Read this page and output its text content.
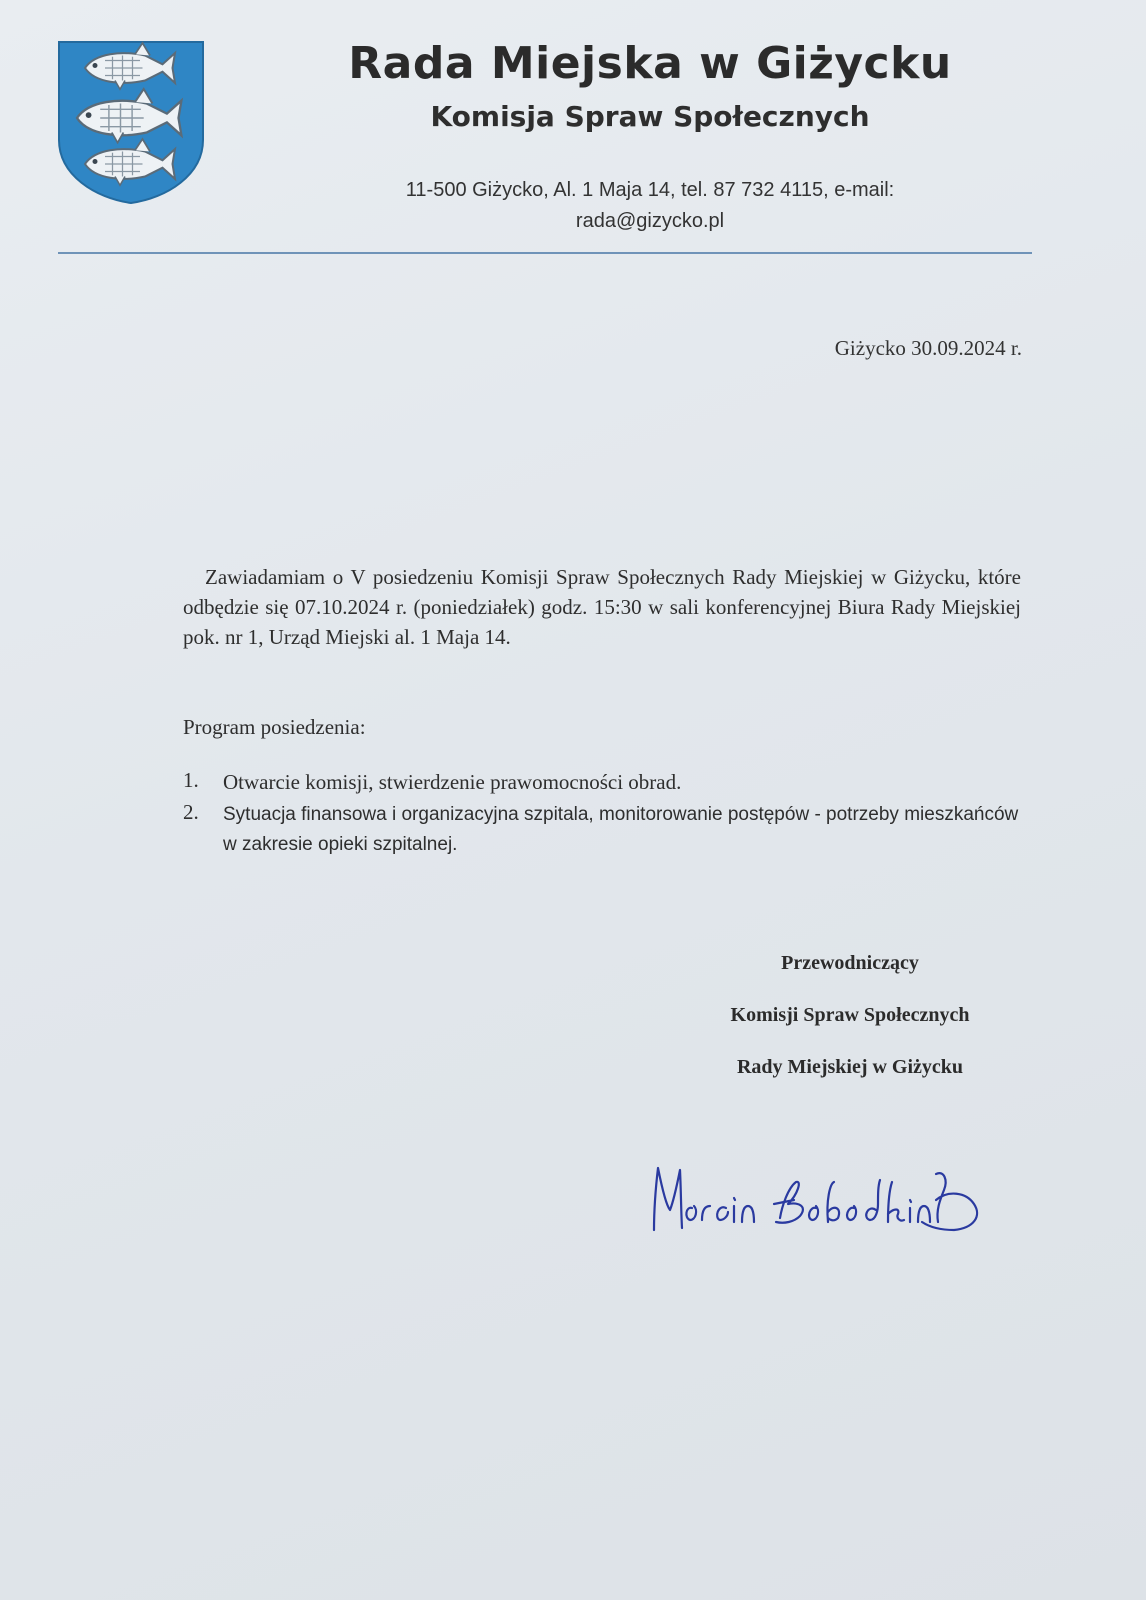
Rada Miejska w Giżycku
Komisja Spraw Społecznych
11-500 Giżycko, Al. 1 Maja 14, tel. 87 732 4115, e-mail:
rada@gizycko.pl
Giżycko 30.09.2024 r.
Zawiadamiam o V posiedzeniu Komisji Spraw Społecznych Rady Miejskiej w Giżycku, które odbędzie się 07.10.2024 r. (poniedziałek) godz. 15:30 w sali konferencyjnej Biura Rady Miejskiej pok. nr 1, Urząd Miejski al. 1 Maja 14.
Program posiedzenia:
1. Otwarcie komisji, stwierdzenie prawomocności obrad.
2. Sytuacja finansowa i organizacyjna szpitala, monitorowanie postępów - potrzeby mieszkańców w zakresie opieki szpitalnej.
Przewodniczący
Komisji Spraw Społecznych
Rady Miejskiej w Giżycku
